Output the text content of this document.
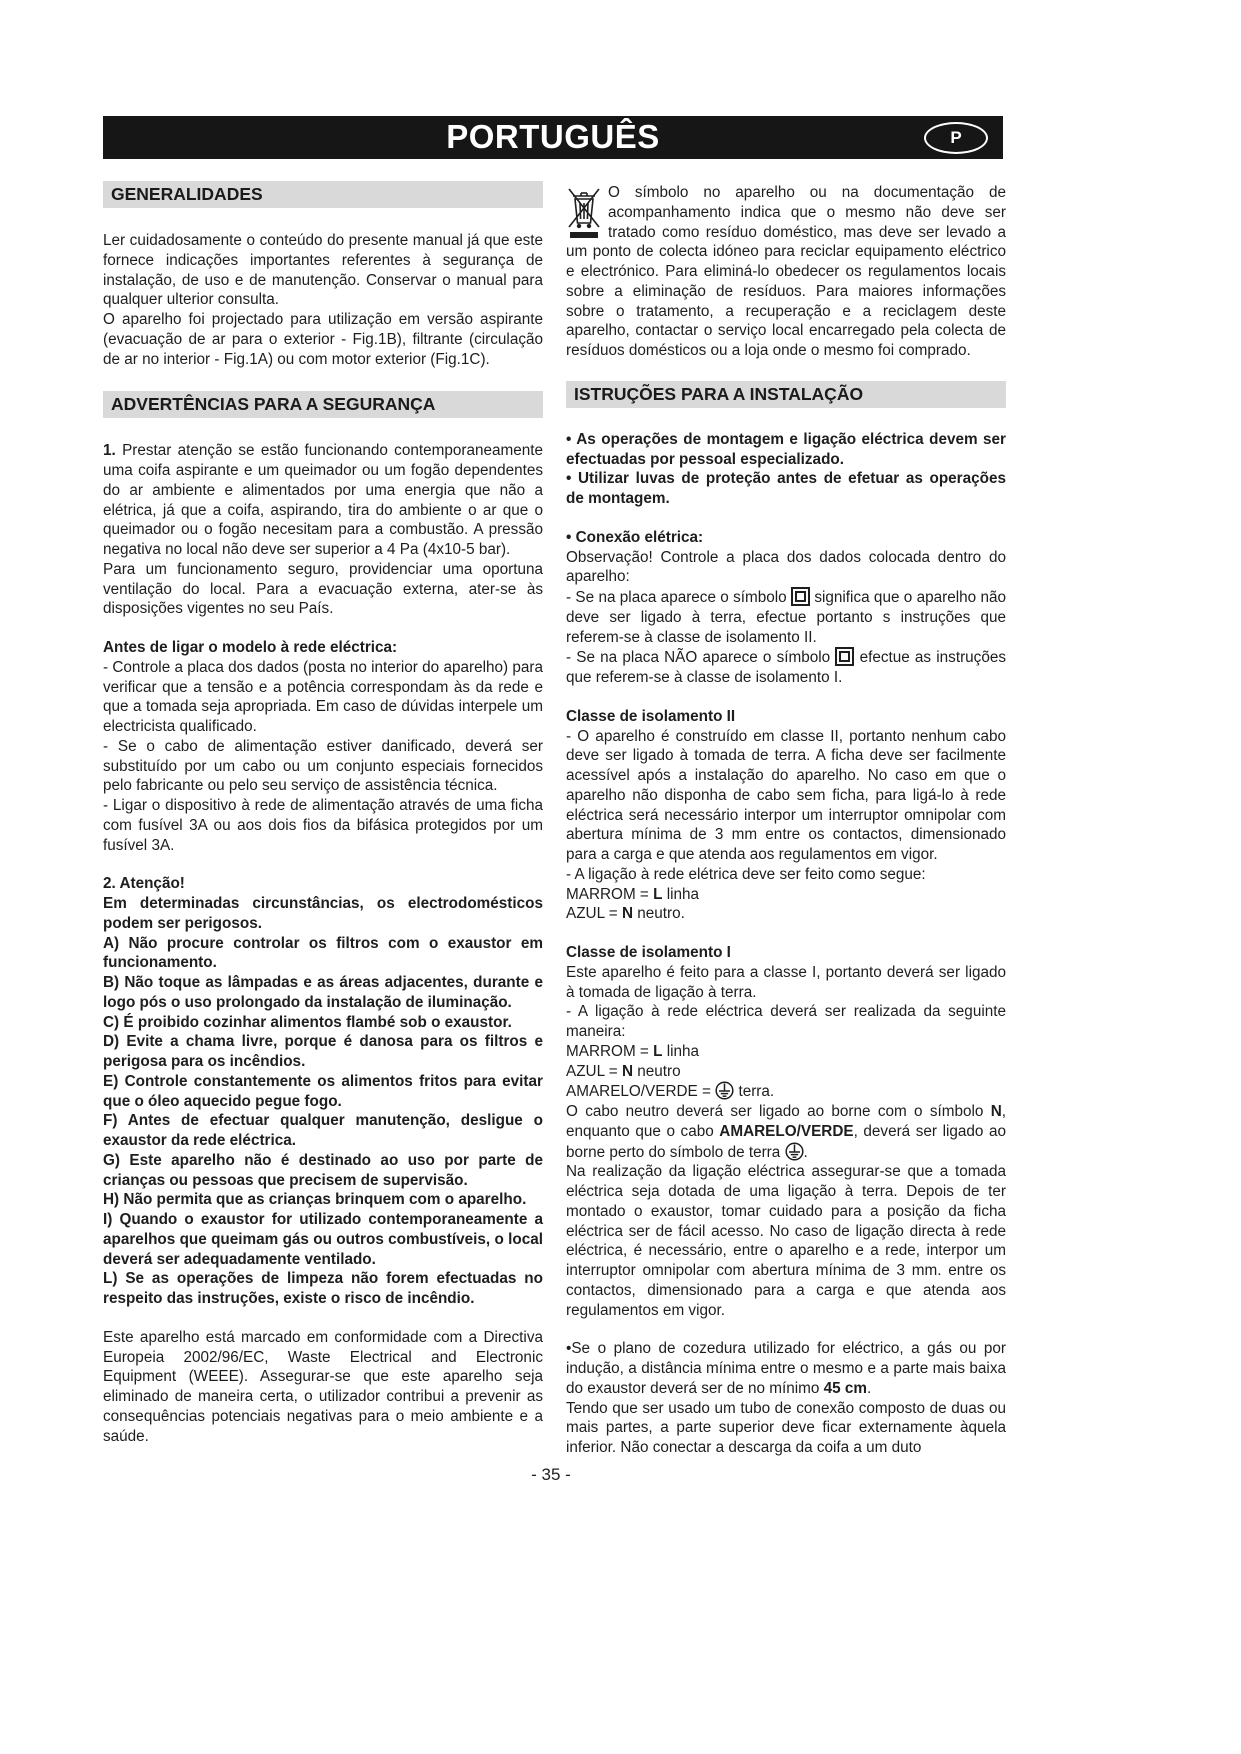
PORTUGUÊS	P
GENERALIDADES

Ler cuidadosamente o conteúdo do presente manual já que este fornece indicações importantes referentes à segurança de instalação, de uso e de manutenção. Conservar o manual para qualquer ulterior consulta.

O aparelho foi projectado para utilização em versão aspirante (evacuação de ar para o exterior - Fig.1B), filtrante (circulação de ar no interior - Fig.1A) ou com motor exterior (Fig.1C).

ADVERTÊNCIAS PARA A SEGURANÇA

1. Prestar atenção se estão funcionando contemporaneamente uma coifa aspirante e um queimador ou um fogão dependentes do ar ambiente e alimentados por uma energia que não a elétrica, já que a coifa, aspirando, tira do ambiente o ar que o queimador ou o fogão necesitam para a combustão. A pressão negativa no local não deve ser superior a 4 Pa (4x10-5 bar).

Para um funcionamento seguro, providenciar uma oportuna ventilação do local. Para a evacuação externa, ater-se às disposições vigentes no seu País.

Antes de ligar o modelo à rede eléctrica:

- Controle a placa dos dados (posta no interior do aparelho) para verificar que a tensão e a potência correspondam às da rede e que a tomada seja apropriada. Em caso de dúvidas interpele um electricista qualificado.

- Se o cabo de alimentação estiver danificado, deverá ser substituído por um cabo ou um conjunto especiais fornecidos pelo fabricante ou pelo seu serviço de assistência técnica.

- Ligar o dispositivo à rede de alimentação através de uma ficha com fusível 3A ou aos dois fios da bifásica protegidos por um fusível 3A.

2. Atenção!

Em determinadas circunstâncias, os electrodomésticos podem ser perigosos.

A) Não procure controlar os filtros com o exaustor em funcionamento.

B) Não toque as lâmpadas e as áreas adjacentes, durante e logo pós o uso prolongado da instalação de iluminação.

C) É proibido cozinhar alimentos flambé sob o exaustor.

D) Evite a chama livre, porque é danosa para os filtros e perigosa para os incêndios.

E) Controle constantemente os alimentos fritos para evitar que o óleo aquecido pegue fogo.

F) Antes de efectuar qualquer manutenção, desligue o exaustor da rede eléctrica.

G) Este aparelho não é destinado ao uso por parte de crianças ou pessoas que precisem de supervisão.

H) Não permita que as crianças brinquem com o aparelho.

I) Quando o exaustor for utilizado contemporaneamente a aparelhos que queimam gás ou outros combustíveis, o local deverá ser adequadamente ventilado.

L) Se as operações de limpeza não forem efectuadas no respeito das instruções, existe o risco de incêndio.

Este aparelho está marcado em conformidade com a Directiva Europeia 2002/96/EC, Waste Electrical and Electronic Equipment (WEEE). Assegurar-se que este aparelho seja eliminado de maneira certa, o utilizador contribui a prevenir as consequências potenciais negativas para o meio ambiente e a saúde.

O símbolo no aparelho ou na documentação de acompanhamento indica que o mesmo não deve ser tratado como resíduo doméstico, mas deve ser levado a um ponto de colecta idóneo para reciclar equipamento eléctrico e electrónico. Para eliminá-lo obedecer os regulamentos locais sobre a eliminação de resíduos. Para maiores informações sobre o tratamento, a recuperação e a reciclagem deste aparelho, contactar o serviço local encarregado pela colecta de resíduos domésticos ou a loja onde o mesmo foi comprado.

ISTRUÇÕES PARA A INSTALAÇÃO

• As operações de montagem e ligação eléctrica devem ser efectuadas por pessoal especializado.

• Utilizar luvas de proteção antes de efetuar as operações de montagem.

• Conexão elétrica:

Observação! Controle a placa dos dados colocada dentro do aparelho:

- Se na placa aparece o símbolo significa que o aparelho não deve ser ligado à terra, efectue portanto s instruções que referem-se à classe de isolamento II.

- Se na placa NÃO aparece o símbolo efectue as instruções que referem-se à classe de isolamento I.

Classe de isolamento II

- O aparelho é construído em classe II, portanto nenhum cabo deve ser ligado à tomada de terra. A ficha deve ser facilmente acessível após a instalação do aparelho. No caso em que o aparelho não disponha de cabo sem ficha, para ligá-lo à rede eléctrica será necessário interpor um interruptor omnipolar com abertura mínima de 3 mm entre os contactos, dimensionado para a carga e que atenda aos regulamentos em vigor.

- A ligação à rede elétrica deve ser feito como segue:

MARROM = L linha

AZUL = N neutro.

Classe de isolamento I

Este aparelho é feito para a classe I, portanto deverá ser ligado à tomada de ligação à terra.

- A ligação à rede eléctrica deverá ser realizada da seguinte maneira:

MARROM = L linha

AZUL = N neutro

AMARELO/VERDE =  terra.

O cabo neutro deverá ser ligado ao borne com o símbolo N, enquanto que o cabo AMARELO/VERDE, deverá ser ligado ao borne perto do símbolo de terra .

Na realização da ligação eléctrica assegurar-se que a tomada eléctrica seja dotada de uma ligação à terra. Depois de ter montado o exaustor, tomar cuidado para a posição da ficha eléctrica ser de fácil acesso. No caso de ligação directa à rede eléctrica, é necessário, entre o aparelho e a rede, interpor um interruptor omnipolar com abertura mínima de 3 mm. entre os contactos, dimensionado para a carga e que atenda aos regulamentos em vigor.

•Se o plano de cozedura utilizado for eléctrico, a gás ou por indução, a distância mínima entre o mesmo e a parte mais baixa do exaustor deverá ser de no mínimo 45 cm.

Tendo que ser usado um tubo de conexão composto de duas ou mais partes, a parte superior deve ficar externamente àquela inferior. Não conectar a descarga da coifa a um duto

- 35 -
